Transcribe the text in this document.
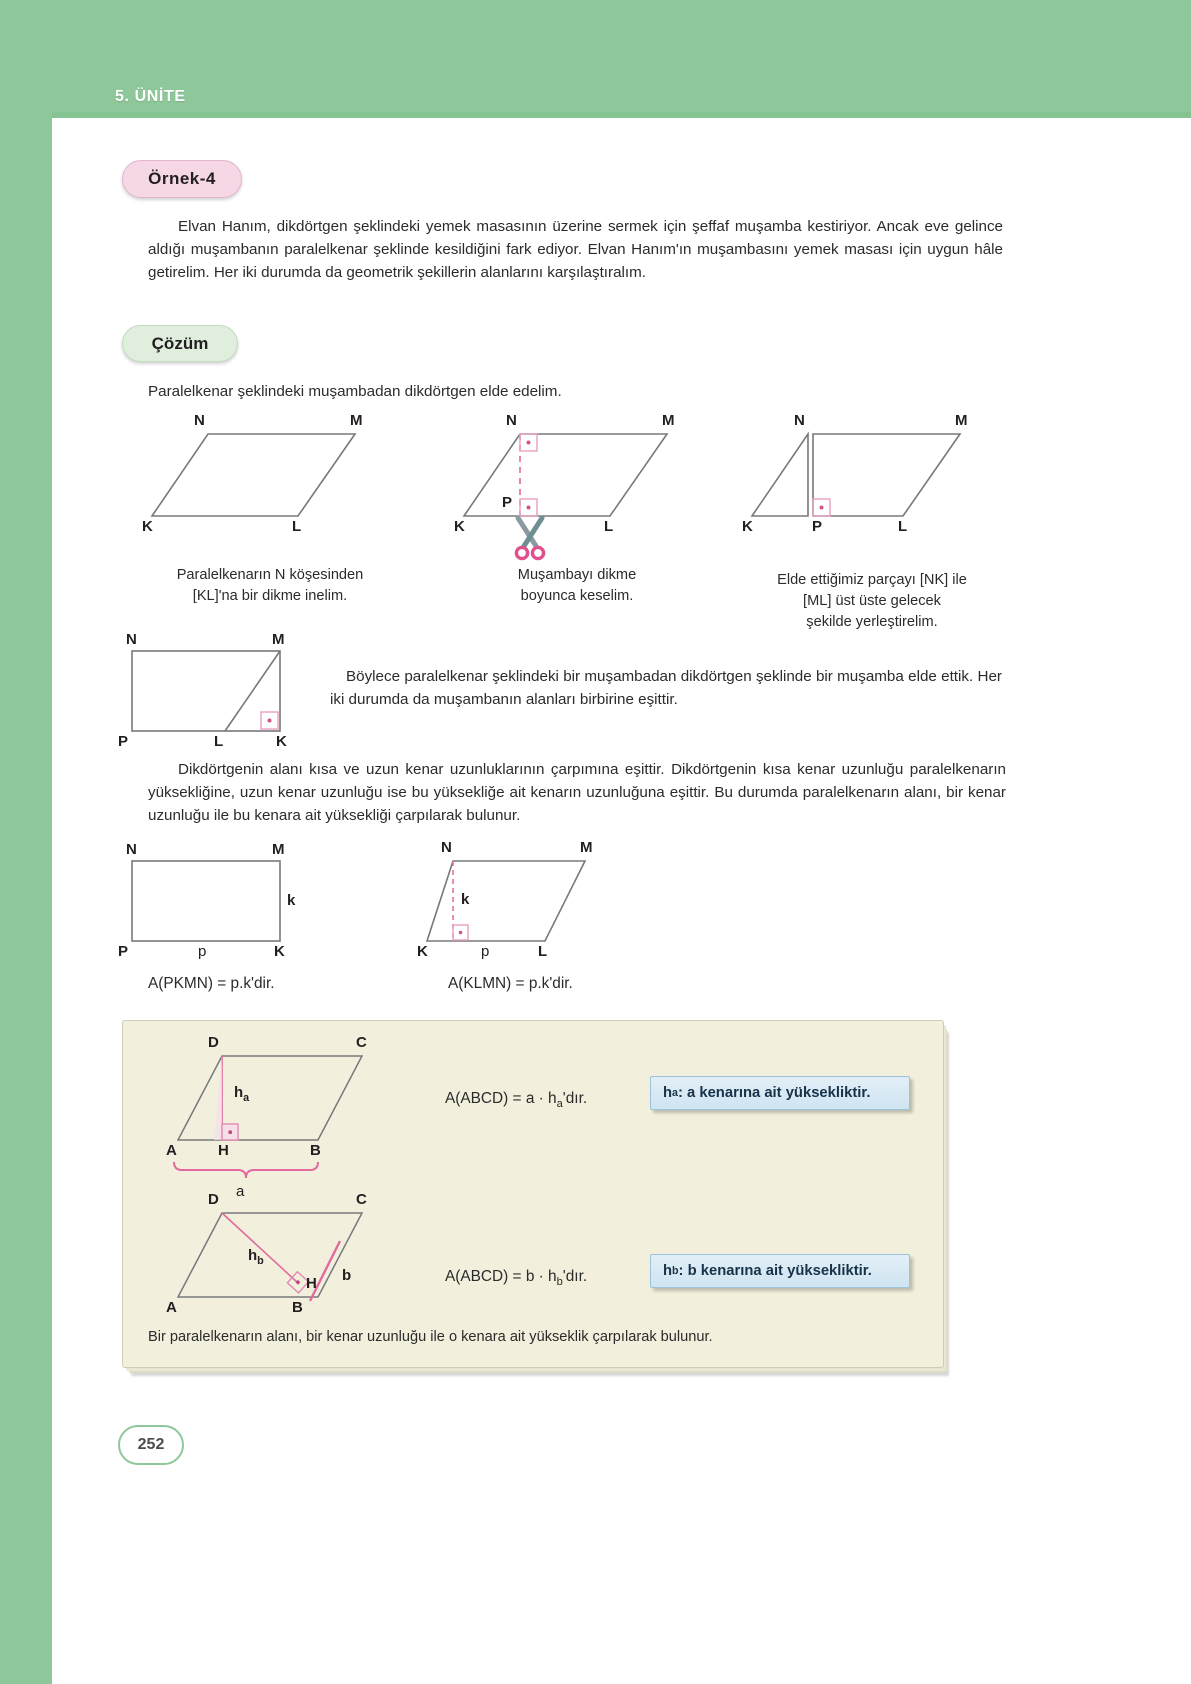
5. ÜNİTE
Örnek-4
Elvan Hanım, dikdörtgen şeklindeki yemek masasının üzerine sermek için şeffaf muşamba kestiriyor. Ancak eve gelince aldığı muşambanın paralelkenar şeklinde kesildiğini fark ediyor. Elvan Hanım'ın muşambasını yemek masası için uygun hâle getirelim. Her iki durumda da geometrik şekillerin alanlarını karşılaştıralım.
Çözüm
Paralelkenar şeklindeki muşambadan dikdörtgen elde edelim.
N	M
K	L
Paralelkenarın N köşesinden
[KL]'na bir dikme inelim.
N	M
K	L
P
Muşambayı dikme
boyunca keselim.
N	M
K	P	L
Elde ettiğimiz parçayı [NK] ile
[ML] üst üste gelecek
şekilde yerleştirelim.
N	M
P	L	K
Böylece paralelkenar şeklindeki bir muşambadan dikdörtgen şeklinde bir muşamba elde ettik. Her iki durumda da muşambanın alanları birbirine eşittir.
Dikdörtgenin alanı kısa ve uzun kenar uzunluklarının çarpımına eşittir. Dikdörtgenin kısa kenar uzunluğu paralelkenarın yüksekliğine, uzun kenar uzunluğu ise bu yüksekliğe ait kenarın uzunluğuna eşittir. Bu durumda paralelkenarın alanı, bir kenar uzunluğu ile bu kenara ait yüksekliği çarpılarak bulunur.
N	M
P	K
k
p
A(PKMN) = p.k'dir.
N	M
K	L
k
p
A(KLMN) = p.k'dir.
D	C
A	H	B
$h_a$
a
A(ABCD) = $a \cdot h_a'dır$.	h a : a kenarına ait yüksekliktir.
D	C
A	B
H
$h_b$
b	A(ABCD) = $b \cdot h_b'dır$.	h b : b kenarına ait yüksekliktir.
Bir paralelkenarın alanı, bir kenar uzunluğu ile o kenara ait yükseklik çarpılarak bulunur.
252
